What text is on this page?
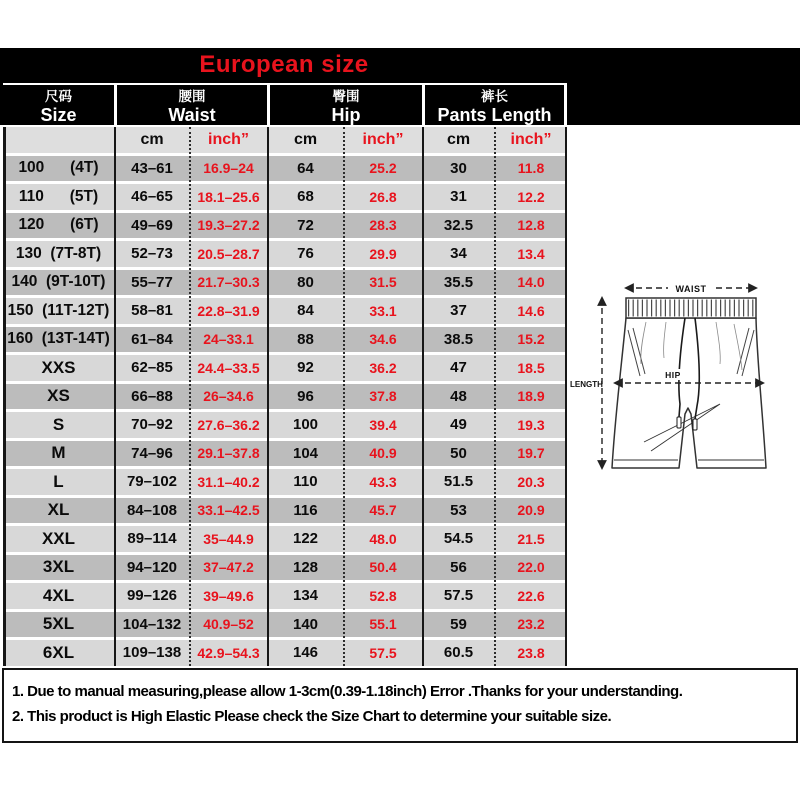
European size
尺码
Size
腰围
Waist
臀围
Hip
裤长
Pants Length
cm	inch”	cm	inch”	cm	inch”
100      (4T)	43–61	16.9–24	64	25.2	30	11.8
110      (5T)	46–65	18.1–25.6	68	26.8	31	12.2
120      (6T)	49–69	19.3–27.2	72	28.3	32.5	12.8
130  (7T-8T)	52–73	20.5–28.7	76	29.9	34	13.4
140  (9T-10T)	55–77	21.7–30.3	80	31.5	35.5	14.0
150  (11T-12T)	58–81	22.8–31.9	84	33.1	37	14.6
160  (13T-14T)	61–84	24–33.1	88	34.6	38.5	15.2
XXS	62–85	24.4–33.5	92	36.2	47	18.5
XS	66–88	26–34.6	96	37.8	48	18.9
S	70–92	27.6–36.2	100	39.4	49	19.3
M	74–96	29.1–37.8	104	40.9	50	19.7
L	79–102	31.1–40.2	110	43.3	51.5	20.3
XL	84–108	33.1–42.5	116	45.7	53	20.9
XXL	89–114	35–44.9	122	48.0	54.5	21.5
3XL	94–120	37–47.2	128	50.4	56	22.0
4XL	99–126	39–49.6	134	52.8	57.5	22.6
5XL	104–132	40.9–52	140	55.1	59	23.2
6XL	109–138	42.9–54.3	146	57.5	60.5	23.8
WAIST
HIP
LENGTH
1. Due to manual measuring,please allow 1-3cm(0.39-1.18inch) Error .Thanks for your understanding.
2. This product is High Elastic Please check the Size Chart to determine your suitable size.
